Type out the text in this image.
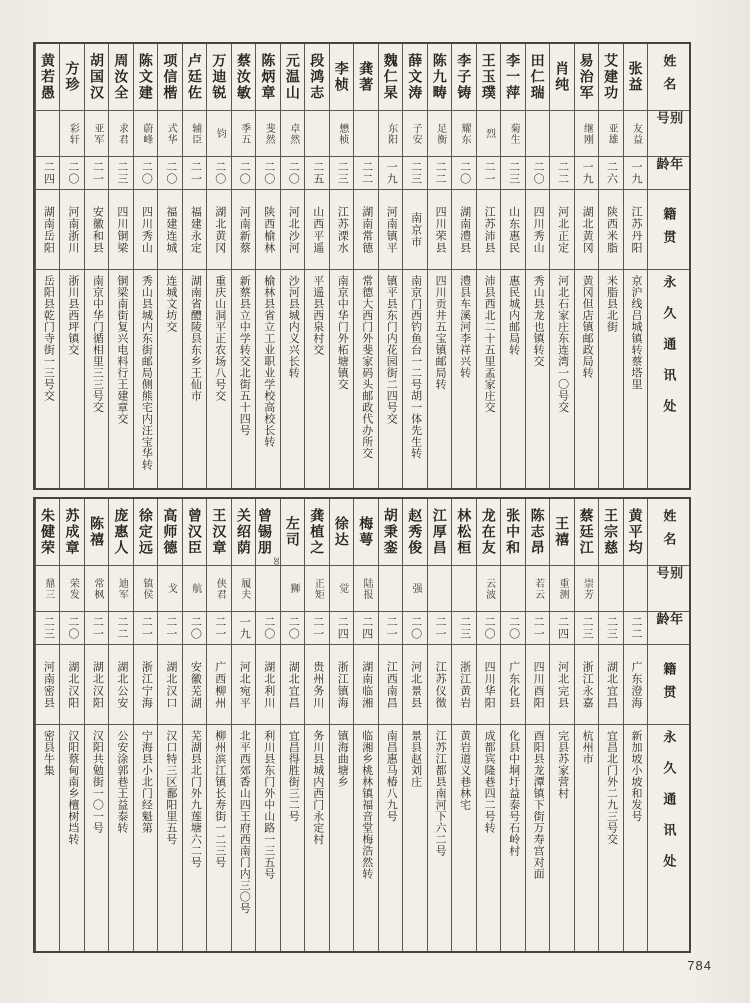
姓名
别号
年龄
籍贯
永久通讯处
张益
友益
一九
江苏丹阳
京沪线吕城镇转蔡塔里
艾建功
亚雄
二六
陕西米脂
米脂县北街
易治军
继刚
一九
湖北黄冈
黄冈但店镇邮政局转
肖纯
二二
河北正定
河北石家庄东连湾一〇号交
田仁瑞
二〇
四川秀山
秀山县龙也镇转交
李一萍
菊生
二三
山东惠民
惠民城内邮局转
王玉璞
烈
二一
江苏沛县
沛县西北二十五里孟家庄交
李子铸
耀东
二〇
湖南澧县
澧县车溪河李祥兴转
陈九畴
足衡
二二
四川荣县
四川贡井五宝镇邮局转
薛文涛
子安
二三
南京市
南京门西钓鱼台一二号胡一体先生转
魏仁杲
东阳
一九
河南镇平
镇平县东门内花园街二四号交
龚著
二二
湖南常德
常德大西门外斐家码头邮政代办所交
李桢
懋桢
二三
江苏溧水
南京中华门外柘塘镇交
段鸿志
二五
山西平遥
平遥县西泉村交
元温山
卓然
二〇
河北沙河
沙河县城内义兴长转
陈炳章
斐然
二〇
陕西榆林
榆林县省立工业职业学校高校长转
蔡汝敏
季五
二〇
河南新蔡
新蔡县立中学转交北街五十四号
万迪锐
钧
二〇
湖北黄冈
重庆山洞平正农场八号交
卢廷佐
辅臣
二一
福建永定
湖南省醴陵县东乡王仙市
项信楷
式华
二〇
福建连城
连城文坊交
陈文建
蔚峰
二〇
四川秀山
秀山县城内东街邮局侧熊宅内汪宝华转
周汝全
求君
二三
四川铜梁
铜梁南街复兴电料行王建章交
胡国汉
亚军
二一
安徽和县
南京中华门循相里三三号交
方珍
彩轩
二〇
河南浙川
浙川县西坪镇交
黄若愚
二四
湖南岳阳
岳阳县乾门寺街一三号交
姓名
别号
年龄
籍贯
永久通讯处
黄平均
二二
广东澄海
新加坡小坡和发号
王宗慈
二三
湖北宜昌
宜昌北门外二九三号交
蔡廷江
崇芳
二三
浙江永嘉
杭州市
王禧
重测
二四
河北完县
完县苏家营村
陈志昂
若云
二一
四川酉阳
酉阳县龙潭镇下街万寿宫对面
张中和
二〇
广东化县
化县中垌圩益泰号石岭村
龙在友
云波
二〇
四川华阳
成都宾隆巷四二号转
林松桓
二三
浙江黄岩
黄岩道义巷林宅
江厚昌
二一
江苏仪徵
江苏江都县南河下六二号
赵秀俊
强
二〇
河北景县
景县赵刘庄
胡秉銮
二一
江西南昌
南昌惠马椿八九号
梅萼
陆报
二四
湖南临湘
临湘乡桃林镇福音堂梅浩然转
徐达
觉
二四
浙江镇海
镇海曲塘乡
龚植之
正矩
二一
贵州务川
务川县城内西门永定村
左司
狮
二〇
湖北宜昌
宜昌得胜街三二号
曾锡朋
30
二〇
湖北利川
利川县东门外中山路一三五号
关绍荫
履夫
一九
河北宛平
北平西郊香山四王府西南门内三〇号
王汉章
侠君
二一
广西柳州
柳州滨江镇长寿街一二三号
曾汉臣
航
二〇
安徽芜湖
芜湖县北门外九莲塘六二号
高师德
戈
二一
湖北汉口
汉口特三区鄱阳里五号
徐定远
镇侯
二一
浙江宁海
宁海县小北门经魁第
庞惠人
迪军
二二
湖北公安
公安涂郭巷王益泰转
陈禧
常枫
二一
湖北汉阳
汉阳共勉街一〇一号
苏成章
荣发
二〇
湖北汉阳
汉阳蔡甸南乡檀树垱转
朱健荣
鼎三
二三
河南密县
密县牛集
784
